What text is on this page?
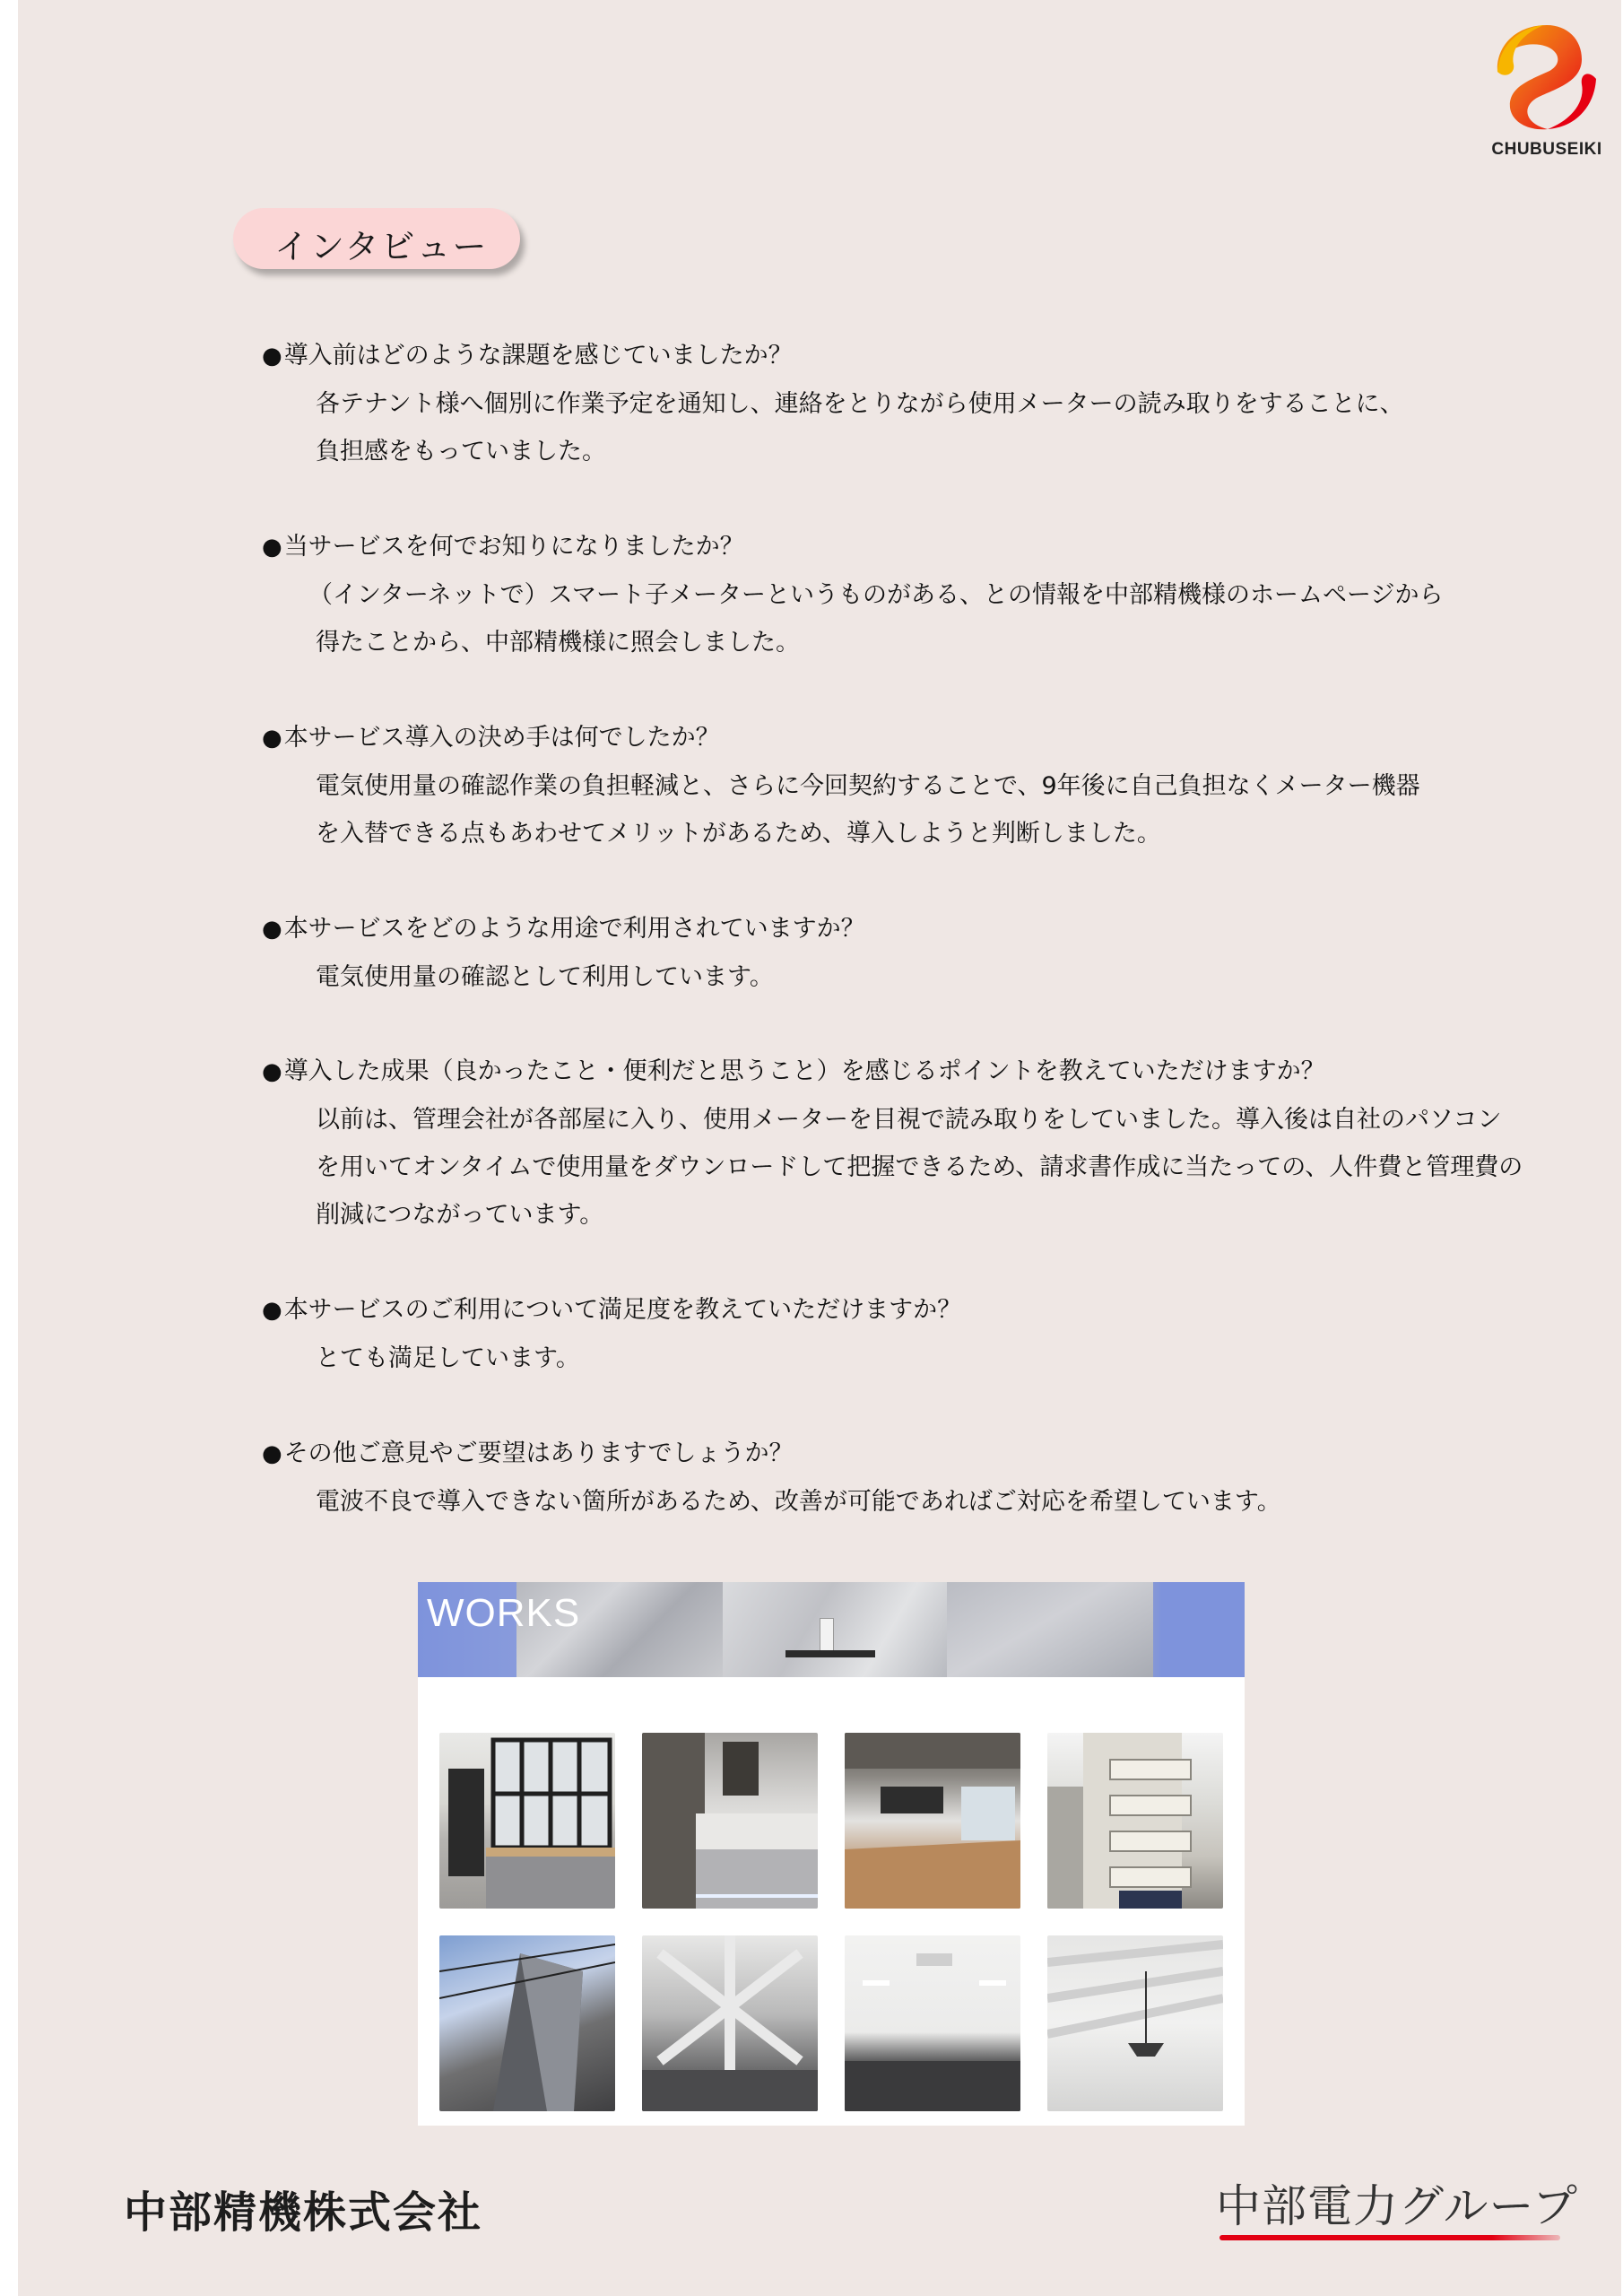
CHUBUSEIKI
インタビュー
●導入前はどのような課題を感じていましたか？
各テナント様へ個別に作業予定を通知し、連絡をとりながら使用メーターの読み取りをすることに、
負担感をもっていました。
●当サービスを何でお知りになりましたか？
（インターネットで）スマート子メーターというものがある、との情報を中部精機様のホームページから
得たことから、中部精機様に照会しました。
●本サービス導入の決め手は何でしたか？
電気使用量の確認作業の負担軽減と、さらに今回契約することで、9年後に自己負担なくメーター機器
を入替できる点もあわせてメリットがあるため、導入しようと判断しました。
●本サービスをどのような用途で利用されていますか？
電気使用量の確認として利用しています。
●導入した成果（良かったこと・便利だと思うこと）を感じるポイントを教えていただけますか？
以前は、管理会社が各部屋に入り、使用メーターを目視で読み取りをしていました。導入後は自社のパソコン
を用いてオンタイムで使用量をダウンロードして把握できるため、請求書作成に当たっての、人件費と管理費の
削減につながっています。
●本サービスのご利用について満足度を教えていただけますか？
とても満足しています。
●その他ご意見やご要望はありますでしょうか？
電波不良で導入できない箇所があるため、改善が可能であればご対応を希望しています。
WORKS
中部精機株式会社	中部電力グループ
